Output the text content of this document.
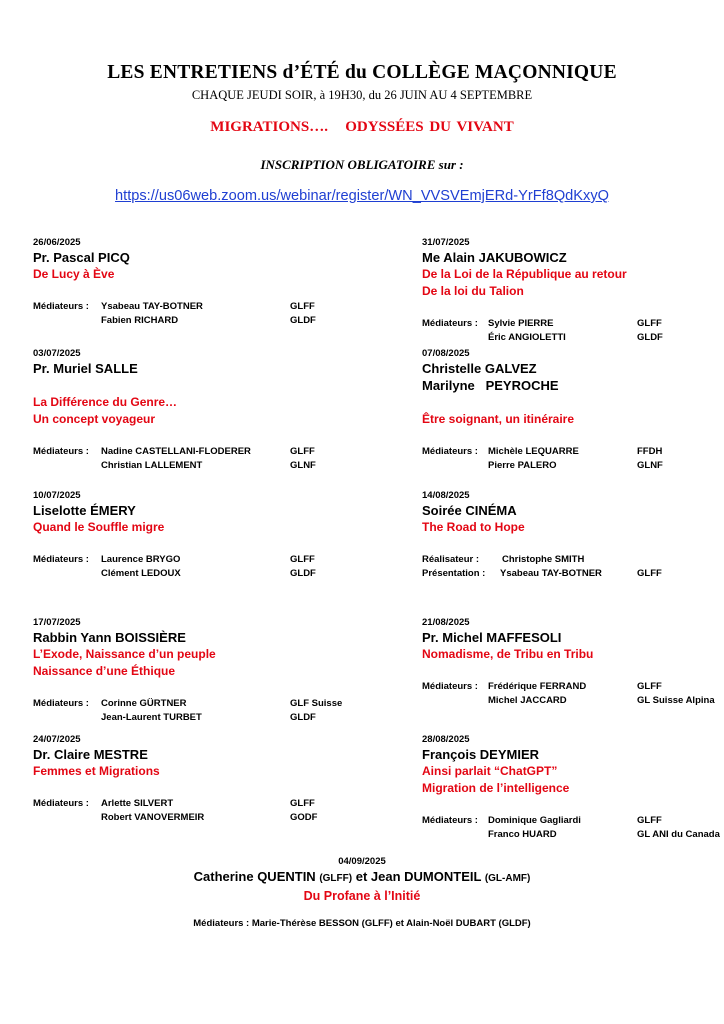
LES ENTRETIENS d’ÉTÉ du COLLÈGE MAÇONNIQUE
CHAQUE JEUDI SOIR, à 19H30, du 26 JUIN AU 4 SEPTEMBRE
MIGRATIONS….   ODYSSÉES DU VIVANT
INSCRIPTION OBLIGATOIRE sur :
https://us06web.zoom.us/webinar/register/WN_VVSVEmjERd-YrFf8QdKxyQ
26/06/2025
Pr. Pascal PICQ
De Lucy à Ève
Médiateurs : Ysabeau TAY-BOTNER	GLFF
Fabien RICHARD	GLDF
03/07/2025
Pr. Muriel SALLE
La Différence du Genre…
Un concept voyageur
Médiateurs : Nadine CASTELLANI-FLODERER	GLFF
Christian LALLEMENT	GLNF
10/07/2025
Liselotte ÉMERY
Quand le Souffle migre
Médiateurs : Laurence BRYGO	GLFF
Clément LEDOUX	GLDF
17/07/2025
Rabbin Yann BOISSIÈRE
L’Exode, Naissance d’un peuple
Naissance d’une Éthique
Médiateurs : Corinne GÜRTNER	GLF Suisse
Jean-Laurent TURBET	GLDF
24/07/2025
Dr. Claire MESTRE
Femmes et Migrations
Médiateurs : Arlette SILVERT	GLFF
Robert VANOVERMEIR	GODF
31/07/2025
Me Alain JAKUBOWICZ
De la Loi de la République au retour
De la loi du Talion
Médiateurs : Sylvie PIERRE	GLFF
Éric ANGIOLETTI	GLDF
07/08/2025
Christelle GALVEZ
Marilyne   PEYROCHE
Être soignant, un itinéraire
Médiateurs : Michèle LEQUARRE	FFDH
Pierre PALERO	GLNF
14/08/2025
Soirée CINÉMA
The Road to Hope
Réalisateur : Christophe SMITH
Présentation : Ysabeau TAY-BOTNER	GLFF
21/08/2025
Pr. Michel MAFFESOLI
Nomadisme, de Tribu en Tribu
Médiateurs : Frédérique FERRAND	GLFF
Michel JACCARD	GL Suisse Alpina
28/08/2025
François DEYMIER
Ainsi parlait “ChatGPT”
Migration de l’intelligence
Médiateurs : Dominique Gagliardi	GLFF
Franco HUARD	GL ANI du Canada
04/09/2025
Catherine QUENTIN (GLFF) et Jean DUMONTEIL (GL-AMF)
Du Profane à l’Initié
Médiateurs : Marie-Thérèse BESSON (GLFF) et Alain-Noël DUBART (GLDF)
